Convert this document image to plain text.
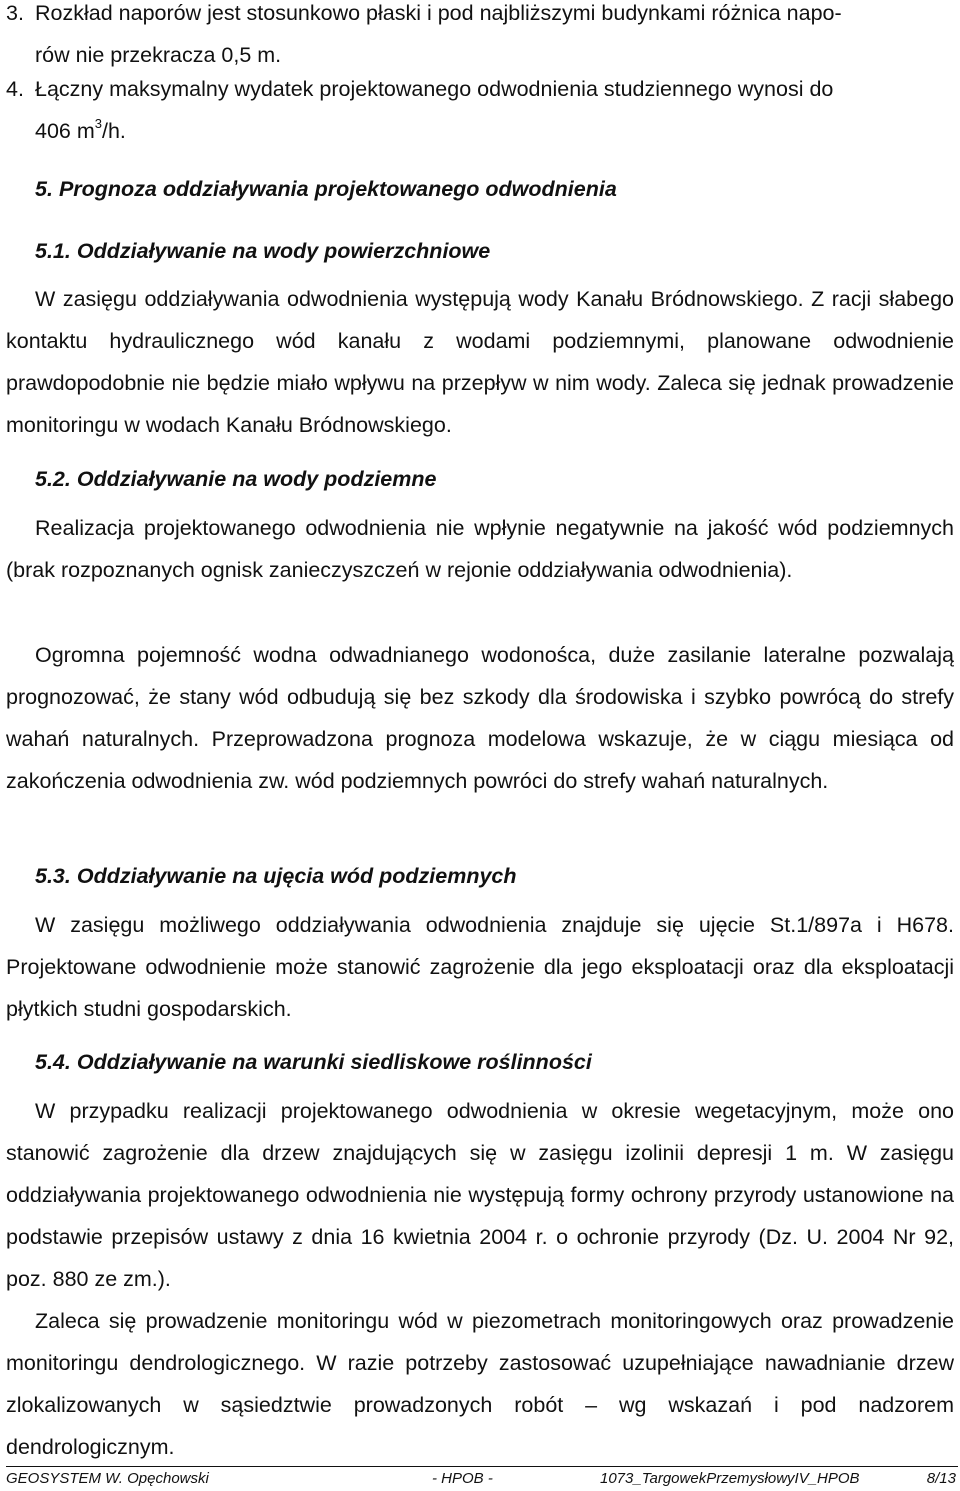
3. Rozkład naporów jest stosunkowo płaski i pod najbliższymi budynkami różnica napo-
rów nie przekracza 0,5 m.
4. Łączny maksymalny wydatek projektowanego odwodnienia studziennego wynosi do
406 $m^3/h$.
5. Prognoza oddziaływania projektowanego odwodnienia
5.1. Oddziaływanie na wody powierzchniowe

W zasięgu oddziaływania odwodnienia występują wody Kanału Bródnowskiego. Z racji słabego kontaktu hydraulicznego wód kanału z wodami podziemnymi, planowane odwodnienie prawdopodobnie nie będzie miało wpływu na przepływ w nim wody. Zaleca się jednak prowadzenie monitoringu w wodach Kanału Bródnowskiego.

5.2. Oddziaływanie na wody podziemne

Realizacja projektowanego odwodnienia nie wpłynie negatywnie na jakość wód podziemnych (brak rozpoznanych ognisk zanieczyszczeń w rejonie oddziaływania odwodnienia).

Ogromna pojemność wodna odwadnianego wodonośca, duże zasilanie lateralne pozwalają prognozować, że stany wód odbudują się bez szkody dla środowiska i szybko powrócą do strefy wahań naturalnych. Przeprowadzona prognoza modelowa wskazuje, że w ciągu miesiąca od zakończenia odwodnienia zw. wód podziemnych powróci do strefy wahań naturalnych.

5.3. Oddziaływanie na ujęcia wód podziemnych

W zasięgu możliwego oddziaływania odwodnienia znajduje się ujęcie St.1/897a i H678. Projektowane odwodnienie może stanowić zagrożenie dla jego eksploatacji oraz dla eksploatacji płytkich studni gospodarskich.

5.4. Oddziaływanie na warunki siedliskowe roślinności

W przypadku realizacji projektowanego odwodnienia w okresie wegetacyjnym, może ono stanowić zagrożenie dla drzew znajdujących się w zasięgu izolinii depresji 1 m. W zasięgu oddziaływania projektowanego odwodnienia nie występują formy ochrony przyrody ustanowione na podstawie przepisów ustawy z dnia 16 kwietnia 2004 r. o ochronie przyrody (Dz. U. 2004 Nr 92, poz. 880 ze zm.).

Zaleca się prowadzenie monitoringu wód w piezometrach monitoringowych oraz prowadzenie monitoringu dendrologicznego. W razie potrzeby zastosować uzupełniające nawadnianie drzew zlokalizowanych w sąsiedztwie prowadzonych robót – wg wskazań i pod nadzorem dendrologicznym.

GEOSYSTEM W. Opęchowski	- HPOB -	1073_TargowekPrzemysłowyIV_HPOB	8/13
